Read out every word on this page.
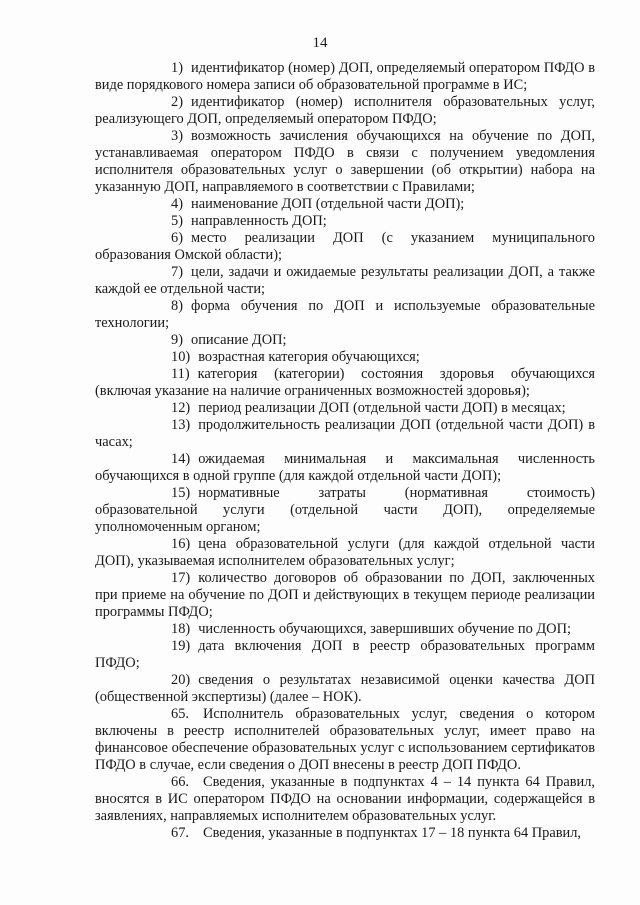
14

1) идентификатор (номер) ДОП, определяемый оператором ПФДО в виде порядкового номера записи об образовательной программе в ИС;

2) идентификатор (номер) исполнителя образовательных услуг, реализующего ДОП, определяемый оператором ПФДО;

3) возможность зачисления обучающихся на обучение по ДОП, устанавливаемая оператором ПФДО в связи с получением уведомления исполнителя образовательных услуг о завершении (об открытии) набора на указанную ДОП, направляемого в соответствии с Правилами;

4) наименование ДОП (отдельной части ДОП);

5) направленность ДОП;

6) место реализации ДОП (с указанием муниципального образования Омской области);

7) цели, задачи и ожидаемые результаты реализации ДОП, а также каждой ее отдельной части;

8) форма обучения по ДОП и используемые образовательные технологии;

9) описание ДОП;

10) возрастная категория обучающихся;

11) категория (категории) состояния здоровья обучающихся (включая указание на наличие ограниченных возможностей здоровья);

12) период реализации ДОП (отдельной части ДОП) в месяцах;

13) продолжительность реализации ДОП (отдельной части ДОП) в часах;

14) ожидаемая минимальная и максимальная численность обучающихся в одной группе (для каждой отдельной части ДОП);

15) нормативные затраты (нормативная стоимость) образовательной услуги (отдельной части ДОП), определяемые уполномоченным органом;

16) цена образовательной услуги (для каждой отдельной части ДОП), указываемая исполнителем образовательных услуг;

17) количество договоров об образовании по ДОП, заключенных при приеме на обучение по ДОП и действующих в текущем периоде реализации программы ПФДО;

18) численность обучающихся, завершивших обучение по ДОП;

19) дата включения ДОП в реестр образовательных программ ПФДО;

20) сведения о результатах независимой оценки качества ДОП (общественной экспертизы) (далее – НОК).

65. Исполнитель образовательных услуг, сведения о котором включены в реестр исполнителей образовательных услуг, имеет право на финансовое обеспечение образовательных услуг с использованием сертификатов ПФДО в случае, если сведения о ДОП внесены в реестр ДОП ПФДО.

66. Сведения, указанные в подпунктах 4 – 14 пункта 64 Правил, вносятся в ИС оператором ПФДО на основании информации, содержащейся в заявлениях, направляемых исполнителем образовательных услуг.

67. Сведения, указанные в подпунктах 17 – 18 пункта 64 Правил,
